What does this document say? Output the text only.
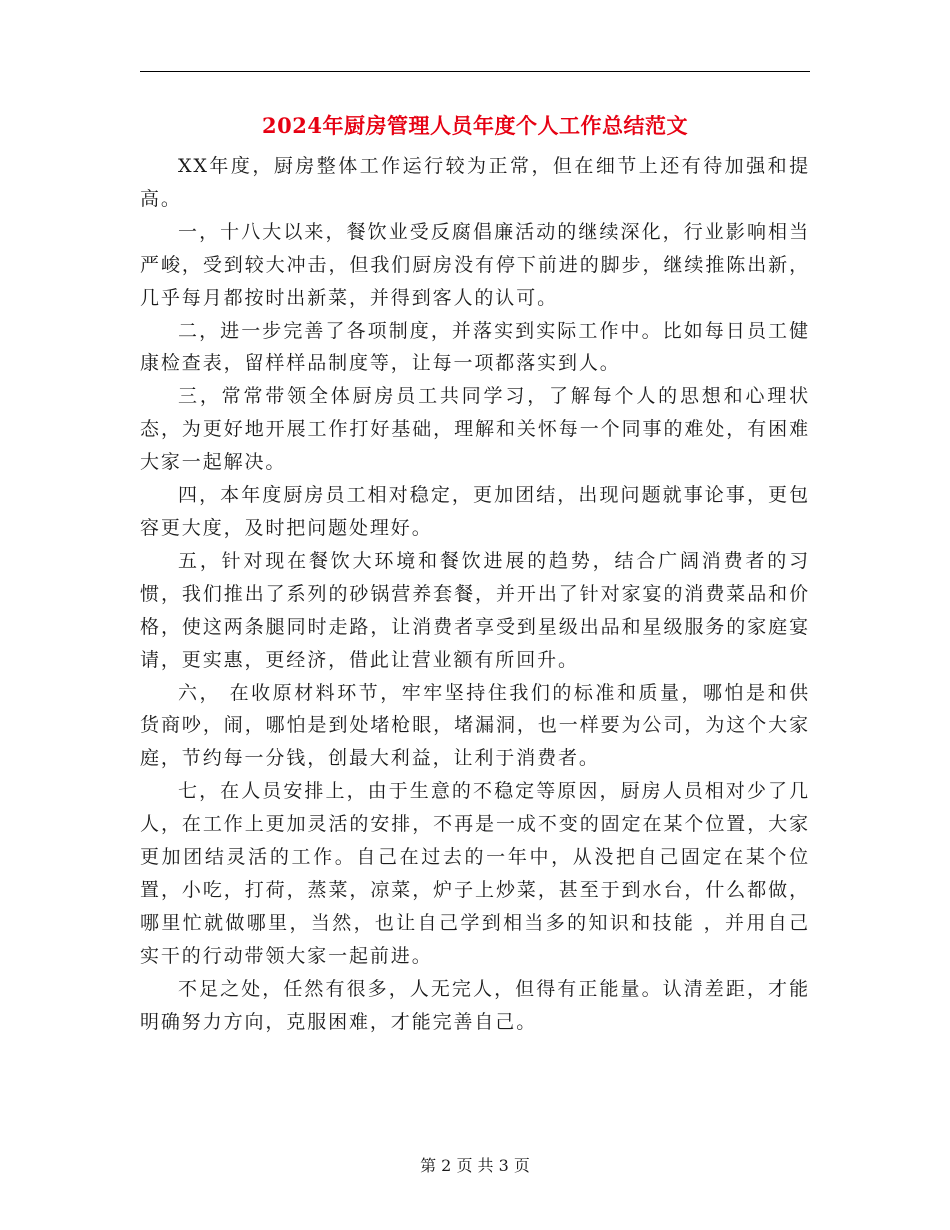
2024年厨房管理人员年度个人工作总结范文

XX年度，厨房整体工作运行较为正常，但在细节上还有待加强和提高。

一，十八大以来，餐饮业受反腐倡廉活动的继续深化，行业影响相当严峻，受到较大冲击，但我们厨房没有停下前进的脚步，继续推陈出新，几乎每月都按时出新菜，并得到客人的认可。

二，进一步完善了各项制度，并落实到实际工作中。比如每日员工健康检查表，留样样品制度等，让每一项都落实到人。

三，常常带领全体厨房员工共同学习，了解每个人的思想和心理状态，为更好地开展工作打好基础，理解和关怀每一个同事的难处，有困难大家一起解决。

四，本年度厨房员工相对稳定，更加团结，出现问题就事论事，更包容更大度，及时把问题处理好。

五，针对现在餐饮大环境和餐饮进展的趋势，结合广阔消费者的习惯，我们推出了系列的砂锅营养套餐，并开出了针对家宴的消费菜品和价格，使这两条腿同时走路，让消费者享受到星级出品和星级服务的家庭宴请，更实惠，更经济，借此让营业额有所回升。

六， 在收原材料环节，牢牢坚持住我们的标准和质量，哪怕是和供货商吵，闹，哪怕是到处堵枪眼，堵漏洞，也一样要为公司，为这个大家庭，节约每一分钱，创最大利益，让利于消费者。

七，在人员安排上，由于生意的不稳定等原因，厨房人员相对少了几人，在工作上更加灵活的安排，不再是一成不变的固定在某个位置，大家更加团结灵活的工作。自己在过去的一年中，从没把自己固定在某个位置，小吃，打荷，蒸菜，凉菜，炉子上炒菜，甚至于到水台，什么都做，哪里忙就做哪里，当然，也让自己学到相当多的知识和技能 ，并用自己实干的行动带领大家一起前进。

不足之处，任然有很多，人无完人，但得有正能量。认清差距，才能明确努力方向，克服困难，才能完善自己。

第 2 页 共 3 页
